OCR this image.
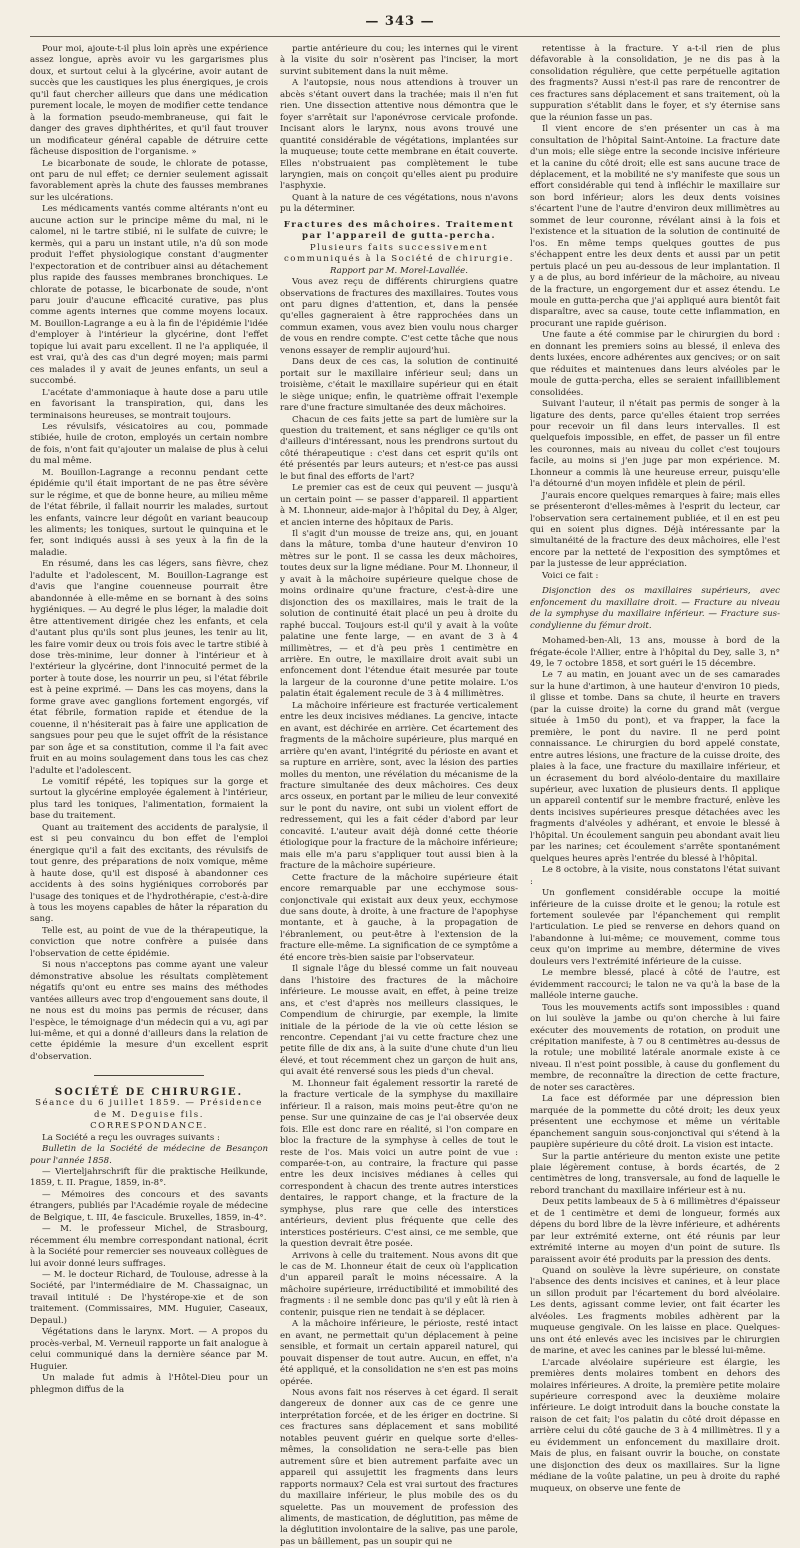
— 343 —

Pour moi, ajoute-t-il plus loin après une expérience assez longue, après avoir vu les gargarismes plus doux, et surtout celui à la glycérine, avoir autant de succès que les caustiques les plus énergiques, je crois qu'il faut chercher ailleurs que dans une médication purement locale, le moyen de modifier cette tendance à la formation pseudo-membraneuse, qui fait le danger des graves diphthérites, et qu'il faut trouver un modificateur général capable de détruire cette fâcheuse disposition de l'organisme. »

Le bicarbonate de soude, le chlorate de potasse, ont paru de nul effet; ce dernier seulement agissait favorablement après la chute des fausses membranes sur les ulcérations.

Les médicaments vantés comme altérants n'ont eu aucune action sur le principe même du mal, ni le calomel, ni le tartre stibié, ni le sulfate de cuivre; le kermès, qui a paru un instant utile, n'a dû son mode produit l'effet physiologique constant d'augmenter l'expectoration et de contribuer ainsi au détachement plus rapide des fausses membranes bronchiques. Le chlorate de potasse, le bicarbonate de soude, n'ont paru jouir d'aucune efficacité curative, pas plus comme agents internes que comme moyens locaux. M. Bouillon-Lagrange a eu à la fin de l'épidémie l'idée d'employer à l'intérieur la glycérine, dont l'effet topique lui avait paru excellent. Il ne l'a appliquée, il est vrai, qu'à des cas d'un degré moyen; mais parmi ces malades il y avait de jeunes enfants, un seul a succombé.

L'acétate d'ammoniaque à haute dose a paru utile en favorisant la transpiration, qui, dans les terminaisons heureuses, se montrait toujours.

Les révulsifs, vésicatoires au cou, pommade stibiée, huile de croton, employés un certain nombre de fois, n'ont fait qu'ajouter un malaise de plus à celui du mal même.

M. Bouillon-Lagrange a reconnu pendant cette épidémie qu'il était important de ne pas être sévère sur le régime, et que de bonne heure, au milieu même de l'état fébrile, il fallait nourrir les malades, surtout les enfants, vaincre leur dégoût en variant beaucoup les aliments; les toniques, surtout le quinquina et le fer, sont indiqués aussi à ses yeux à la fin de la maladie.

En résumé, dans les cas légers, sans fièvre, chez l'adulte et l'adolescent, M. Bouillon-Lagrange est d'avis que l'angine couenneuse pourrait être abandonnée à elle-même en se bornant à des soins hygiéniques. — Au degré le plus léger, la maladie doit être attentivement dirigée chez les enfants, et cela d'autant plus qu'ils sont plus jeunes, les tenir au lit, les faire vomir deux ou trois fois avec le tartre stibié à dose très-minime, leur donner à l'intérieur et à l'extérieur la glycérine, dont l'innocuité permet de la porter à toute dose, les nourrir un peu, si l'état fébrile est à peine exprimé. — Dans les cas moyens, dans la forme grave avec ganglions fortement engorgés, vif état fébrile, formation rapide et étendue de la couenne, il n'hésiterait pas à faire une application de sangsues pour peu que le sujet offrît de la résistance par son âge et sa constitution, comme il l'a fait avec fruit en au moins soulagement dans tous les cas chez l'adulte et l'adolescent.

Le vomitif répété, les topiques sur la gorge et surtout la glycérine employée également à l'intérieur, plus tard les toniques, l'alimentation, formaient la base du traitement.

Quant au traitement des accidents de paralysie, il est si peu convaincu du bon effet de l'emploi énergique qu'il a fait des excitants, des révulsifs de tout genre, des préparations de noix vomique, même à haute dose, qu'il est disposé à abandonner ces accidents à des soins hygiéniques corroborés par l'usage des toniques et de l'hydrothérapie, c'est-à-dire à tous les moyens capables de hâter la réparation du sang.

Telle est, au point de vue de la thérapeutique, la conviction que notre confrère a puisée dans l'observation de cette épidémie.

Si nous n'acceptons pas comme ayant une valeur démonstrative absolue les résultats complètement négatifs qu'ont eu entre ses mains des méthodes vantées ailleurs avec trop d'engouement sans doute, il ne nous est du moins pas permis de récuser, dans l'espèce, le témoignage d'un médecin qui a vu, agi par lui-même, et qui a donné d'ailleurs dans la relation de cette épidémie la mesure d'un excellent esprit d'observation.

SOCIÉTÉ DE CHIRURGIE.

Séance du 6 juillet 1859. — Présidence de M. Deguise fils.

CORRESPONDANCE.

La Société a reçu les ouvrages suivants :

Bulletin de la Société de médecine de Besançon pour l'année 1858.

— Vierteljahrschrift für die praktische Heilkunde, 1859, t. II. Prague, 1859, in-8°.

— Mémoires des concours et des savants étrangers, publiés par l'Académie royale de médecine de Belgique, t. III, 4e fascicule. Bruxelles, 1859, in-4°.

— M. le professeur Michel, de Strasbourg, récemment élu membre correspondant national, écrit à la Société pour remercier ses nouveaux collègues de lui avoir donné leurs suffrages.

— M. le docteur Richard, de Toulouse, adresse à la Société, par l'intermédiaire de M. Chassaignac, un travail intitulé : De l'hystérope-xie et de son traitement. (Commissaires, MM. Huguier, Caseaux, Depaul.)

Végétations dans le larynx. Mort. — A propos du procès-verbal, M. Verneuil rapporte un fait analogue à celui communiqué dans la dernière séance par M. Huguier.

Un malade fut admis à l'Hôtel-Dieu pour un phlegmon diffus de la

partie antérieure du cou; les internes qui le virent à la visite du soir n'osèrent pas l'inciser, la mort survint subitement dans la nuit même.

A l'autopsie, nous nous attendions à trouver un abcès s'étant ouvert dans la trachée; mais il n'en fut rien. Une dissection attentive nous démontra que le foyer s'arrêtait sur l'aponévrose cervicale profonde. Incisant alors le larynx, nous avons trouvé une quantité considérable de végétations, implantées sur la muqueuse; toute cette membrane en était couverte. Elles n'obstruaient pas complètement le tube laryngien, mais on conçoit qu'elles aient pu produire l'asphyxie.

Quant à la nature de ces végétations, nous n'avons pu la déterminer.

Fractures des mâchoires. Traitement par l'appareil de gutta-percha.

Plusieurs faits successivement communiqués à la Société de chirurgie.

Rapport par M. Morel-Lavallée.

Vous avez reçu de différents chirurgiens quatre observations de fractures des maxillaires. Toutes vous ont paru dignes d'attention, et, dans la pensée qu'elles gagneraient à être rapprochées dans un commun examen, vous avez bien voulu nous charger de vous en rendre compte. C'est cette tâche que nous venons essayer de remplir aujourd'hui.

Dans deux de ces cas, la solution de continuité portait sur le maxillaire inférieur seul; dans un troisième, c'était le maxillaire supérieur qui en était le siège unique; enfin, le quatrième offrait l'exemple rare d'une fracture simultanée des deux mâchoires.

Chacun de ces faits jette sa part de lumière sur la question du traitement, et sans négliger ce qu'ils ont d'ailleurs d'intéressant, nous les prendrons surtout du côté thérapeutique : c'est dans cet esprit qu'ils ont été présentés par leurs auteurs; et n'est-ce pas aussi le but final des efforts de l'art?

Le premier cas est de ceux qui peuvent — jusqu'à un certain point — se passer d'appareil. Il appartient à M. Lhonneur, aide-major à l'hôpital du Dey, à Alger, et ancien interne des hôpitaux de Paris.

Il s'agit d'un mousse de treize ans, qui, en jouant dans la mâture, tomba d'une hauteur d'environ 10 mètres sur le pont. Il se cassa les deux mâchoires, toutes deux sur la ligne médiane. Pour M. Lhonneur, il y avait à la mâchoire supérieure quelque chose de moins ordinaire qu'une fracture, c'est-à-dire une disjonction des os maxillaires, mais le trait de la solution de continuité était placé un peu à droite du raphé buccal. Toujours est-il qu'il y avait à la voûte palatine une fente large, — en avant de 3 à 4 millimètres, — et d'à peu près 1 centimètre en arrière. En outre, le maxillaire droit avait subi un enfoncement dont l'étendue était mesurée par toute la largeur de la couronne d'une petite molaire. L'os palatin était également recule de 3 à 4 millimètres.

La mâchoire inférieure est fracturée verticalement entre les deux incisives médianes. La gencive, intacte en avant, est déchirée en arrière. Cet écartement des fragments de la mâchoire supérieure, plus marqué en arrière qu'en avant, l'intégrité du périoste en avant et sa rupture en arrière, sont, avec la lésion des parties molles du menton, une révélation du mécanisme de la fracture simultanée des deux mâchoires. Ces deux arcs osseux, en portant par le milieu de leur convexité sur le pont du navire, ont subi un violent effort de redressement, qui les a fait céder d'abord par leur concavité. L'auteur avait déjà donné cette théorie étiologique pour la fracture de la mâchoire inférieure; mais elle m'a paru s'appliquer tout aussi bien à la fracture de la mâchoire supérieure.

Cette fracture de la mâchoire supérieure était encore remarquable par une ecchymose sous-conjonctivale qui existait aux deux yeux, ecchymose due sans doute, à droite, à une fracture de l'apophyse montante, et à gauche, à la propagation de l'ébranlement, ou peut-être à l'extension de la fracture elle-même. La signification de ce symptôme a été encore très-bien saisie par l'observateur.

Il signale l'âge du blessé comme un fait nouveau dans l'histoire des fractures de la mâchoire inférieure. Le mousse avait, en effet, à peine treize ans, et c'est d'après nos meilleurs classiques, le Compendium de chirurgie, par exemple, la limite initiale de la période de la vie où cette lésion se rencontre. Cependant j'ai vu cette fracture chez une petite fille de dix ans, à la suite d'une chute d'un lieu élevé, et tout récemment chez un garçon de huit ans, qui avait été renversé sous les pieds d'un cheval.

M. Lhonneur fait également ressortir la rareté de la fracture verticale de la symphyse du maxillaire inférieur. Il a raison, mais moins peut-être qu'on ne pense. Sur une quinzaine de cas je l'ai observée deux fois. Elle est donc rare en réalité, si l'on compare en bloc la fracture de la symphyse à celles de tout le reste de l'os. Mais voici un autre point de vue : comparée-t-on, au contraire, la fracture qui passe entre les deux incisives médianes à celles qui correspondent à chacun des trente autres interstices dentaires, le rapport change, et la fracture de la symphyse, plus rare que celle des interstices antérieurs, devient plus fréquente que celle des interstices postérieurs. C'est ainsi, ce me semble, que la question devrait être posée.

Arrivons à celle du traitement. Nous avons dit que le cas de M. Lhonneur était de ceux où l'application d'un appareil paraît le moins nécessaire. A la mâchoire supérieure, irréductibilité et immobilité des fragments : il ne semble donc pas qu'il y eût là rien à contenir, puisque rien ne tendait à se déplacer.

A la mâchoire inférieure, le périoste, resté intact en avant, ne permettait qu'un déplacement à peine sensible, et formait un certain appareil naturel, qui pouvait dispenser de tout autre. Aucun, en effet, n'a été appliqué, et la consolidation ne s'en est pas moins opérée.

Nous avons fait nos réserves à cet égard. Il serait dangereux de donner aux cas de ce genre une interprétation forcée, et de les ériger en doctrine. Si ces fractures sans déplacement et sans mobilité notables peuvent guérir en quelque sorte d'elles-mêmes, la consolidation ne sera-t-elle pas bien autrement sûre et bien autrement parfaite avec un appareil qui assujettit les fragments dans leurs rapports normaux? Cela est vrai surtout des fractures du maxillaire inférieur, le plus mobile des os du squelette. Pas un mouvement de profession des aliments, de mastication, de déglutition, pas même de la déglutition involontaire de la salive, pas une parole, pas un bâillement, pas un soupir qui ne

retentisse à la fracture. Y a-t-il rien de plus défavorable à la consolidation, je ne dis pas à la consolidation régulière, que cette perpétuelle agitation des fragments? Aussi n'est-il pas rare de rencontrer de ces fractures sans déplacement et sans traitement, où la suppuration s'établit dans le foyer, et s'y éternise sans que la réunion fasse un pas.

Il vient encore de s'en présenter un cas à ma consultation de l'hôpital Saint-Antoine. La fracture date d'un mois; elle siège entre la seconde incisive inférieure et la canine du côté droit; elle est sans aucune trace de déplacement, et la mobilité ne s'y manifeste que sous un effort considérable qui tend à infléchir le maxillaire sur son bord inférieur; alors les deux dents voisines s'écartent l'une de l'autre d'environ deux millimètres au sommet de leur couronne, révélant ainsi à la fois et l'existence et la situation de la solution de continuité de l'os. En même temps quelques gouttes de pus s'échappent entre les deux dents et aussi par un petit pertuis placé un peu au-dessous de leur implantation. Il y a de plus, au bord inférieur de la mâchoire, au niveau de la fracture, un engorgement dur et assez étendu. Le moule en gutta-percha que j'ai appliqué aura bientôt fait disparaître, avec sa cause, toute cette inflammation, en procurant une rapide guérison.

Une faute a été commise par le chirurgien du bord : en donnant les premiers soins au blessé, il enleva des dents luxées, encore adhérentes aux gencives; or on sait que réduites et maintenues dans leurs alvéoles par le moule de gutta-percha, elles se seraient infailliblement consolidées.

Suivant l'auteur, il n'était pas permis de songer à la ligature des dents, parce qu'elles étaient trop serrées pour recevoir un fil dans leurs intervalles. Il est quelquefois impossible, en effet, de passer un fil entre les couronnes, mais au niveau du collet c'est toujours facile, au moins si j'en juge par mon expérience. M. Lhonneur a commis là une heureuse erreur, puisqu'elle l'a détourné d'un moyen infidèle et plein de péril.

J'aurais encore quelques remarques à faire; mais elles se présenteront d'elles-mêmes à l'esprit du lecteur, car l'observation sera certainement publiée, et il en est peu qui en soient plus dignes. Déjà intéressante par la simultanéité de la fracture des deux mâchoires, elle l'est encore par la netteté de l'exposition des symptômes et par la justesse de leur appréciation.

Voici ce fait :

Disjonction des os maxillaires supérieurs, avec enfoncement du maxillaire droit. — Fracture au niveau de la symphyse du maxillaire inférieur. — Fracture sus-condylienne du fémur droit.

Mohamed-ben-Ali, 13 ans, mousse à bord de la frégate-école l'Allier, entre à l'hôpital du Dey, salle 3, n° 49, le 7 octobre 1858, et sort guéri le 15 décembre.

Le 7 au matin, en jouant avec un de ses camarades sur la hune d'artimon, à une hauteur d'environ 10 pieds, il glisse et tombe. Dans sa chute, il heurte en travers (par la cuisse droite) la corne du grand mât (vergue située à 1m50 du pont), et va frapper, la face la première, le pont du navire. Il ne perd point connaissance. Le chirurgien du bord appelé constate, entre autres lésions, une fracture de la cuisse droite, des plaies à la face, une fracture du maxillaire inférieur, et un écrasement du bord alvéolo-dentaire du maxillaire supérieur, avec luxation de plusieurs dents. Il applique un appareil contentif sur le membre fracturé, enlève les dents incisives supérieures presque détachées avec les fragments d'alvéoles y adhérant, et envoie le blessé à l'hôpital. Un écoulement sanguin peu abondant avait lieu par les narines; cet écoulement s'arrête spontanément quelques heures après l'entrée du blessé à l'hôpital.

Le 8 octobre, à la visite, nous constatons l'état suivant :

Un gonflement considérable occupe la moitié inférieure de la cuisse droite et le genou; la rotule est fortement soulevée par l'épanchement qui remplit l'articulation. Le pied se renverse en dehors quand on l'abandonne à lui-même; ce mouvement, comme tous ceux qu'on imprime au membre, détermine de vives douleurs vers l'extrémité inférieure de la cuisse.

Le membre blessé, placé à côté de l'autre, est évidemment raccourci; le talon ne va qu'à la base de la malléole interne gauche.

Tous les mouvements actifs sont impossibles : quand on lui soulève la jambe ou qu'on cherche à lui faire exécuter des mouvements de rotation, on produit une crépitation manifeste, à 7 ou 8 centimètres au-dessus de la rotule; une mobilité latérale anormale existe à ce niveau. Il n'est point possible, à cause du gonflement du membre, de reconnaître la direction de cette fracture, de noter ses caractères.

La face est déformée par une dépression bien marquée de la pommette du côté droit; les deux yeux présentent une ecchymose et même un véritable épanchement sanguin sous-conjonctival qui s'étend à la paupière supérieure du côté droit. La vision est intacte.

Sur la partie antérieure du menton existe une petite plaie légèrement contuse, à bords écartés, de 2 centimètres de long, transversale, au fond de laquelle le rebord tranchant du maxillaire inférieur est à nu.

Deux petits lambeaux de 5 à 6 millimètres d'épaisseur et de 1 centimètre et demi de longueur, formés aux dépens du bord libre de la lèvre inférieure, et adhérents par leur extrémité externe, ont été réunis par leur extrémité interne au moyen d'un point de suture. Ils paraissent avoir été produits par la pression des dents.

Quand on soulève la lèvre supérieure, on constate l'absence des dents incisives et canines, et à leur place un sillon produit par l'écartement du bord alvéolaire. Les dents, agissant comme levier, ont fait écarter les alvéoles. Les fragments mobiles adhèrent par la muqueuse gengivale. On les laisse en place. Quelques-uns ont été enlevés avec les incisives par le chirurgien de marine, et avec les canines par le blessé lui-même.

L'arcade alvéolaire supérieure est élargie, les premières dents molaires tombent en dehors des molaires inférieures. A droite, la première petite molaire supérieure correspond avec la deuxième molaire inférieure. Le doigt introduit dans la bouche constate la raison de cet fait; l'os palatin du côté droit dépasse en arrière celui du côté gauche de 3 à 4 millimètres. Il y a eu évidemment un enfoncement du maxillaire droit. Mais de plus, en faisant ouvrir la bouche, on constate une disjonction des deux os maxillaires. Sur la ligne médiane de la voûte palatine, un peu à droite du raphé muqueux, on observe une fente de
